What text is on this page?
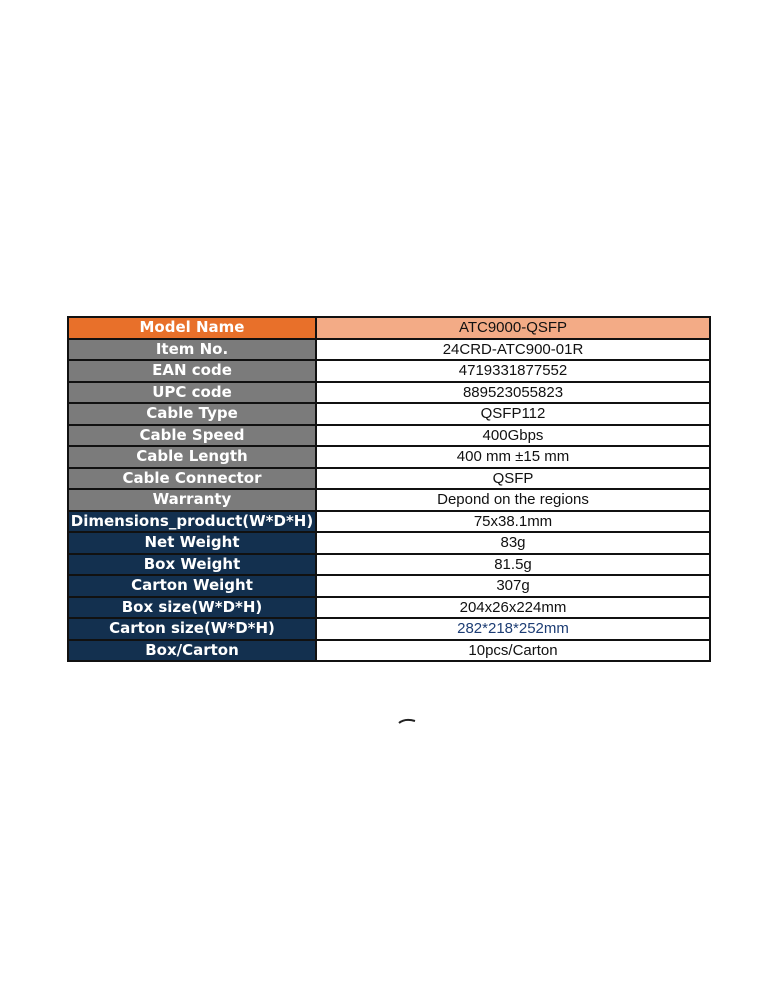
Model Name	ATC9000-QSFP
Item No.	24CRD-ATC900-01R
EAN code	4719331877552
UPC code	889523055823
Cable Type	QSFP112
Cable Speed	400Gbps
Cable Length	400 mm ±15 mm
Cable Connector	QSFP
Warranty	Depond on the regions
Dimensions_product(W*D*H)	75x38.1mm
Net Weight	83g
Box Weight	81.5g
Carton Weight	307g
Box size(W*D*H)	204x26x224mm
Carton size(W*D*H)	282*218*252mm
Box/Carton	10pcs/Carton
